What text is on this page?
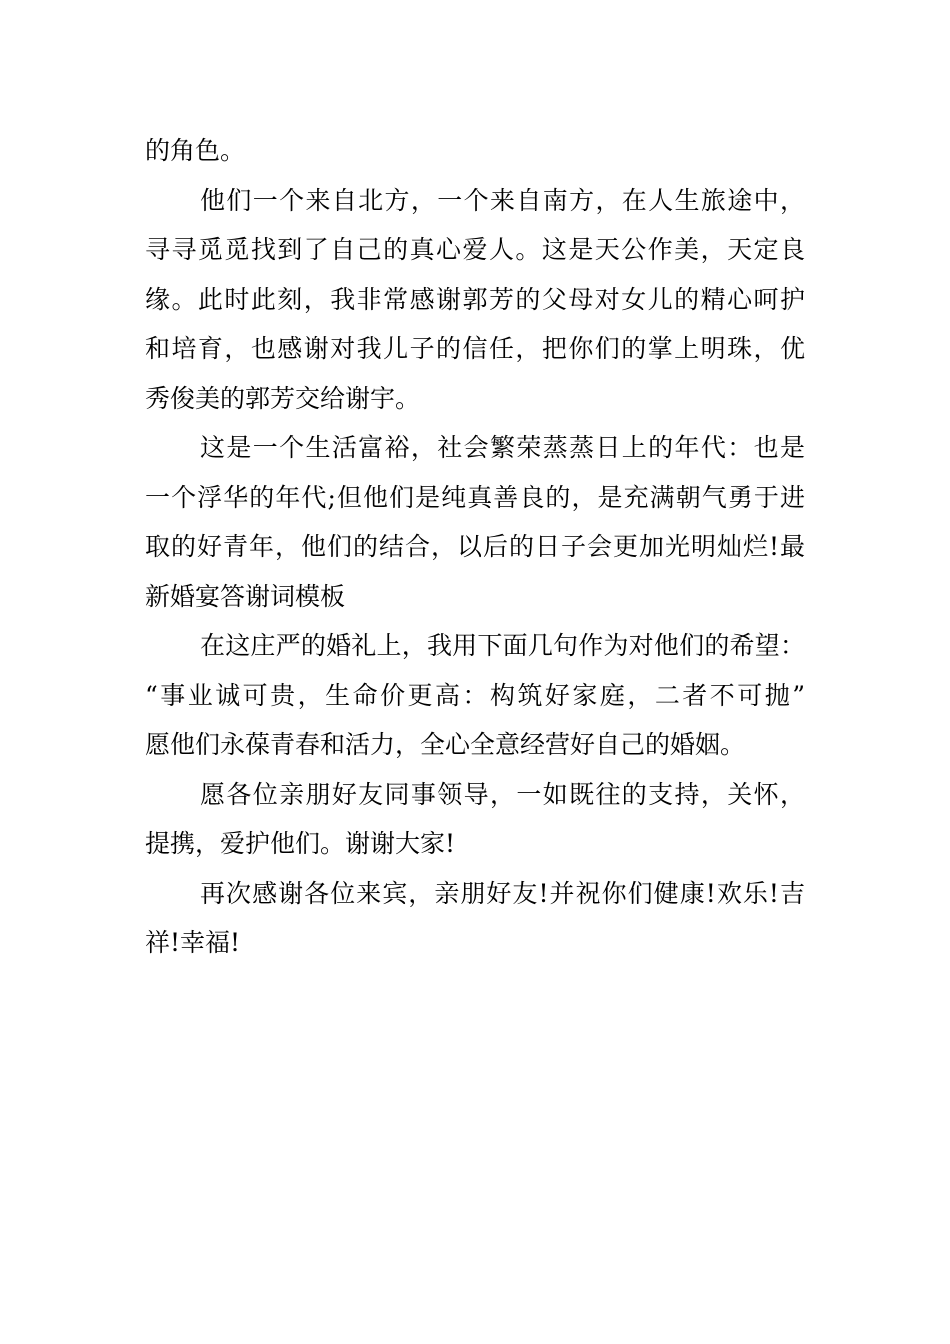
的角色。
他们一个来自北方，一个来自南方，在人生旅途中，
寻寻觅觅找到了自己的真心爱人。这是天公作美，天定良
缘。此时此刻，我非常感谢郭芳的父母对女儿的精心呵护
和培育，也感谢对我儿子的信任，把你们的掌上明珠，优
秀俊美的郭芳交给谢宇。
这是一个生活富裕，社会繁荣蒸蒸日上的年代：也是
一个浮华的年代;但他们是纯真善良的，是充满朝气勇于进
取的好青年，他们的结合，以后的日子会更加光明灿烂!最
新婚宴答谢词模板
在这庄严的婚礼上，我用下面几句作为对他们的希望：
“事业诚可贵，生命价更高：构筑好家庭，二者不可抛”
愿他们永葆青春和活力，全心全意经营好自己的婚姻。
愿各位亲朋好友同事领导，一如既往的支持，关怀，
提携，爱护他们。谢谢大家!
再次感谢各位来宾，亲朋好友!并祝你们健康!欢乐!吉
祥!幸福!
